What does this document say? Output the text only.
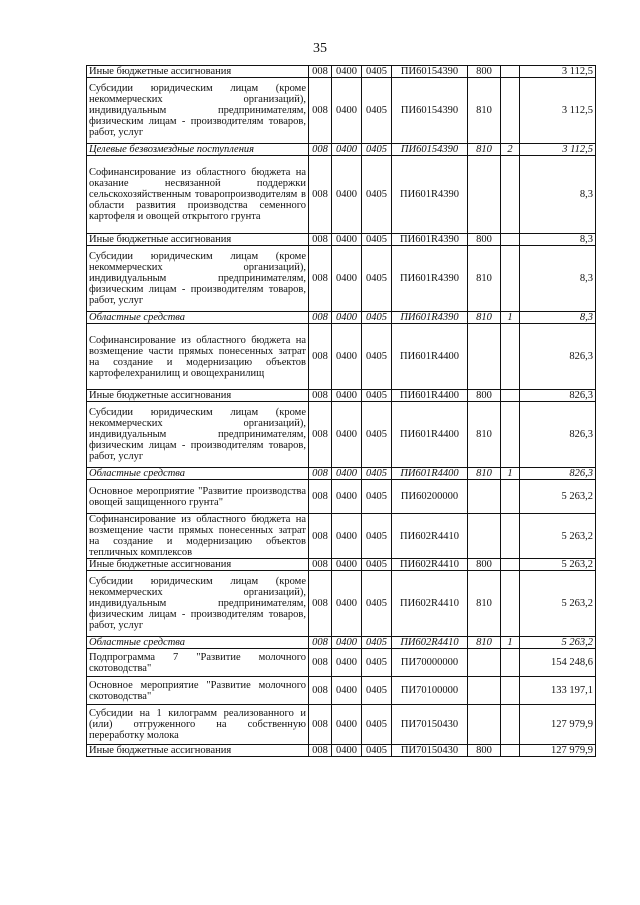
35
Иные бюджетные ассигнования	008	0400	0405	ПИ60154390	800		3 112,5
Субсидии юридическим лицам (кроме некоммерческих организаций), индивидуальным предпринимателям, физическим лицам - производителям товаров, работ, услуг	008	0400	0405	ПИ60154390	810		3 112,5
Целевые безвозмездные поступления	008	0400	0405	ПИ60154390	810	2	3 112,5
Софинансирование из областного бюджета на оказание несвязанной поддержки сельскохозяйственным товаропроизводителям в области развития производства семенного картофеля и овощей открытого грунта	008	0400	0405	ПИ601R4390			8,3
Иные бюджетные ассигнования	008	0400	0405	ПИ601R4390	800		8,3
Субсидии юридическим лицам (кроме некоммерческих организаций), индивидуальным предпринимателям, физическим лицам - производителям товаров, работ, услуг	008	0400	0405	ПИ601R4390	810		8,3
Областные средства	008	0400	0405	ПИ601R4390	810	1	8,3
Софинансирование из областного бюджета на возмещение части прямых понесенных затрат на создание и модернизацию объектов картофелехранилищ и овощехранилищ	008	0400	0405	ПИ601R4400			826,3
Иные бюджетные ассигнования	008	0400	0405	ПИ601R4400	800		826,3
Субсидии юридическим лицам (кроме некоммерческих организаций), индивидуальным предпринимателям, физическим лицам - производителям товаров, работ, услуг	008	0400	0405	ПИ601R4400	810		826,3
Областные средства	008	0400	0405	ПИ601R4400	810	1	826,3
Основное мероприятие "Развитие производства овощей защищенного грунта"	008	0400	0405	ПИ60200000			5 263,2
Софинансирование из областного бюджета на возмещение части прямых понесенных затрат на создание и модернизацию объектов тепличных комплексов	008	0400	0405	ПИ602R4410			5 263,2
Иные бюджетные ассигнования	008	0400	0405	ПИ602R4410	800		5 263,2
Субсидии юридическим лицам (кроме некоммерческих организаций), индивидуальным предпринимателям, физическим лицам - производителям товаров, работ, услуг	008	0400	0405	ПИ602R4410	810		5 263,2
Областные средства	008	0400	0405	ПИ602R4410	810	1	5 263,2
Подпрограмма 7 "Развитие молочного скотоводства"	008	0400	0405	ПИ70000000			154 248,6
Основное мероприятие "Развитие молочного скотоводства"	008	0400	0405	ПИ70100000			133 197,1
Субсидии на 1 килограмм реализованного и (или) отгруженного на собственную переработку молока	008	0400	0405	ПИ70150430			127 979,9
Иные бюджетные ассигнования	008	0400	0405	ПИ70150430	800		127 979,9
